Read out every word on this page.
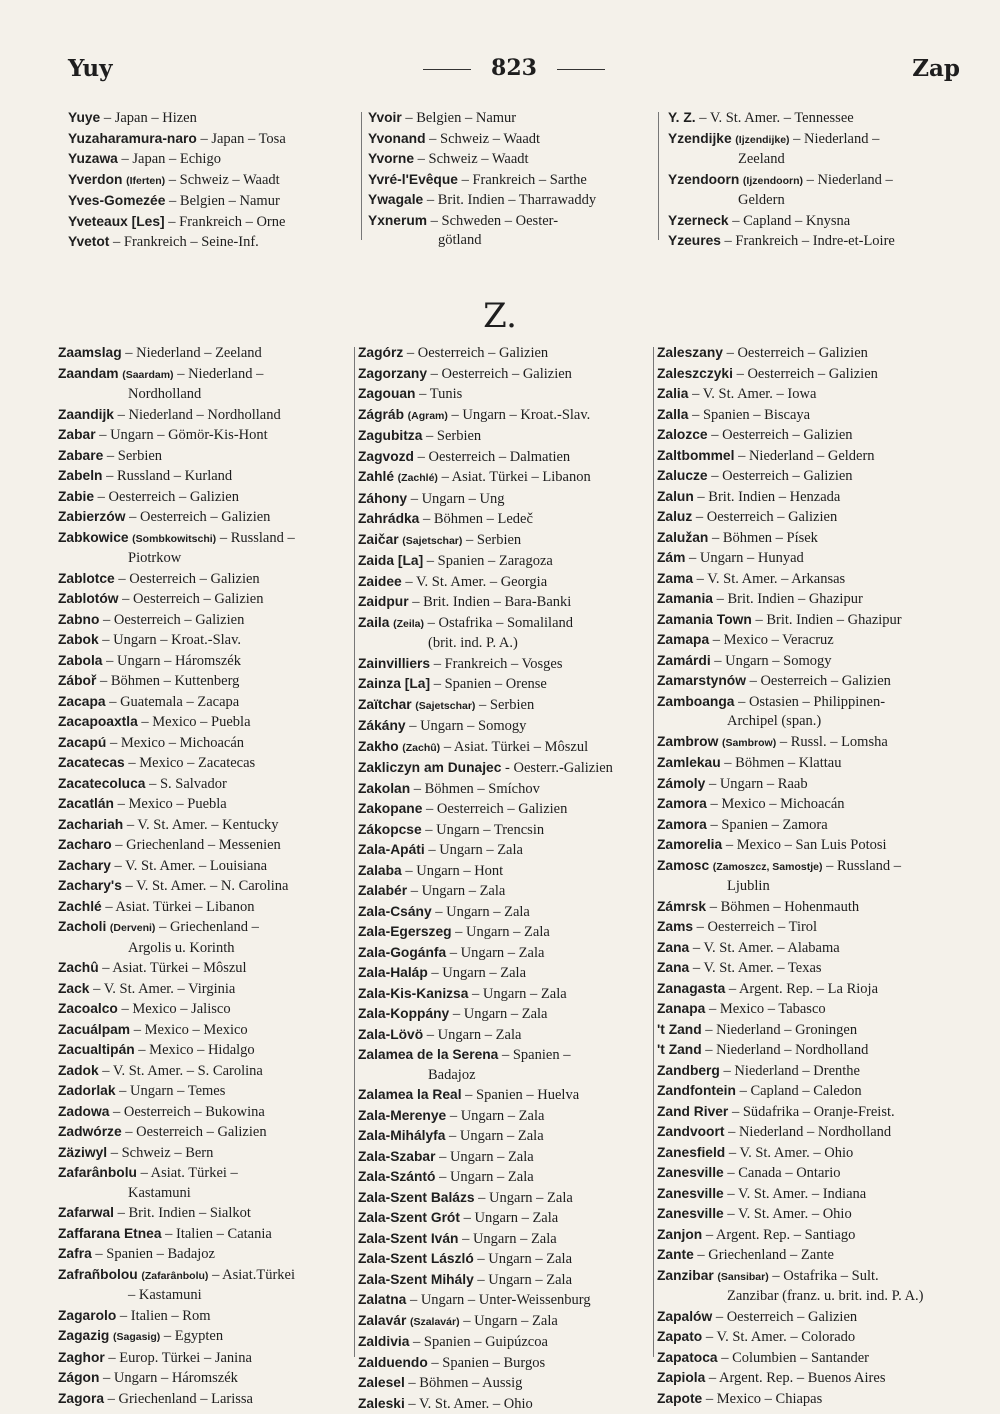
Yuy	823	Zap
Yuye – Japan – Hizen
Yuzaharamura-naro – Japan – Tosa
Yuzawa – Japan – Echigo
Yverdon (Iferten) – Schweiz – Waadt
Yves-Gomezée – Belgien – Namur
Yveteaux [Les] – Frankreich – Orne
Yvetot – Frankreich – Seine-Inf.
Yvoir – Belgien – Namur
Yvonand – Schweiz – Waadt
Yvorne – Schweiz – Waadt
Yvré-l'Evêque – Frankreich – Sarthe
Ywagale – Brit. Indien – Tharrawaddy
Yxnerum – Schweden – Oester-
götland
Y. Z. – V. St. Amer. – Tennessee
Yzendijke (Ijzendijke) – Niederland –
Zeeland
Yzendoorn (Ijzendoorn) – Niederland –
Geldern
Yzerneck – Capland – Knysna
Yzeures – Frankreich – Indre-et-Loire
Z.
Zaamslag – Niederland – Zeeland
Zaandam (Saardam) – Niederland –
Nordholland
Zaandijk – Niederland – Nordholland
Zabar – Ungarn – Gömör-Kis-Hont
Zabare – Serbien
Zabeln – Russland – Kurland
Zabie – Oesterreich – Galizien
Zabierzów – Oesterreich – Galizien
Zabkowice (Sombkowitschi) – Russland –
Piotrkow
Zablotce – Oesterreich – Galizien
Zablotów – Oesterreich – Galizien
Zabno – Oesterreich – Galizien
Zabok – Ungarn – Kroat.-Slav.
Zabola – Ungarn – Háromszék
Záboř – Böhmen – Kuttenberg
Zacapa – Guatemala – Zacapa
Zacapoaxtla – Mexico – Puebla
Zacapú – Mexico – Michoacán
Zacatecas – Mexico – Zacatecas
Zacatecoluca – S. Salvador
Zacatlán – Mexico – Puebla
Zachariah – V. St. Amer. – Kentucky
Zacharo – Griechenland – Messenien
Zachary – V. St. Amer. – Louisiana
Zachary's – V. St. Amer. – N. Carolina
Zachlé – Asiat. Türkei – Libanon
Zacholi (Derveni) – Griechenland –
Argolis u. Korinth
Zachû – Asiat. Türkei – Môszul
Zack – V. St. Amer. – Virginia
Zacoalco – Mexico – Jalisco
Zacuálpam – Mexico – Mexico
Zacualtipán – Mexico – Hidalgo
Zadok – V. St. Amer. – S. Carolina
Zadorlak – Ungarn – Temes
Zadowa – Oesterreich – Bukowina
Zadwórze – Oesterreich – Galizien
Zäziwyl – Schweiz – Bern
Zafarânbolu – Asiat. Türkei –
Kastamuni
Zafarwal – Brit. Indien – Sialkot
Zaffarana Etnea – Italien – Catania
Zafra – Spanien – Badajoz
Zafrañbolou (Zafarânbolu) – Asiat.Türkei
– Kastamuni
Zagarolo – Italien – Rom
Zagazig (Sagasig) – Egypten
Zaghor – Europ. Türkei – Janina
Zágon – Ungarn – Háromszék
Zagora – Griechenland – Larissa
Zagórz – Oesterreich – Galizien
Zagorzany – Oesterreich – Galizien
Zagouan – Tunis
Zágráb (Agram) – Ungarn – Kroat.-Slav.
Zagubitza – Serbien
Zagvozd – Oesterreich – Dalmatien
Zahlé (Zachlé) – Asiat. Türkei – Libanon
Záhony – Ungarn – Ung
Zahrádka – Böhmen – Ledeč
Zaičar (Sajetschar) – Serbien
Zaida [La] – Spanien – Zaragoza
Zaidee – V. St. Amer. – Georgia
Zaidpur – Brit. Indien – Bara-Banki
Zaila (Zeila) – Ostafrika – Somaliland
(brit. ind. P. A.)
Zainvilliers – Frankreich – Vosges
Zainza [La] – Spanien – Orense
Zaïtchar (Sajetschar) – Serbien
Zákány – Ungarn – Somogy
Zakho (Zachû) – Asiat. Türkei – Môszul
Zakliczyn am Dunajec - Oesterr.-Galizien
Zakolan – Böhmen – Smíchov
Zakopane – Oesterreich – Galizien
Zákopcse – Ungarn – Trencsin
Zala-Apáti – Ungarn – Zala
Zalaba – Ungarn – Hont
Zalabér – Ungarn – Zala
Zala-Csány – Ungarn – Zala
Zala-Egerszeg – Ungarn – Zala
Zala-Gogánfa – Ungarn – Zala
Zala-Haláp – Ungarn – Zala
Zala-Kis-Kanizsa – Ungarn – Zala
Zala-Koppány – Ungarn – Zala
Zala-Lövö – Ungarn – Zala
Zalamea de la Serena – Spanien –
Badajoz
Zalamea la Real – Spanien – Huelva
Zala-Merenye – Ungarn – Zala
Zala-Mihályfa – Ungarn – Zala
Zala-Szabar – Ungarn – Zala
Zala-Szántó – Ungarn – Zala
Zala-Szent Balázs – Ungarn – Zala
Zala-Szent Grót – Ungarn – Zala
Zala-Szent Iván – Ungarn – Zala
Zala-Szent László – Ungarn – Zala
Zala-Szent Mihály – Ungarn – Zala
Zalatna – Ungarn – Unter-Weissenburg
Zalavár (Szalavár) – Ungarn – Zala
Zaldivia – Spanien – Guipúzcoa
Zalduendo – Spanien – Burgos
Zalesel – Böhmen – Aussig
Zaleski – V. St. Amer. – Ohio
Zaleszany – Oesterreich – Galizien
Zaleszczyki – Oesterreich – Galizien
Zalia – V. St. Amer. – Iowa
Zalla – Spanien – Biscaya
Zalozce – Oesterreich – Galizien
Zaltbommel – Niederland – Geldern
Zalucze – Oesterreich – Galizien
Zalun – Brit. Indien – Henzada
Zaluz – Oesterreich – Galizien
Zalužan – Böhmen – Písek
Zám – Ungarn – Hunyad
Zama – V. St. Amer. – Arkansas
Zamania – Brit. Indien – Ghazipur
Zamania Town – Brit. Indien – Ghazipur
Zamapa – Mexico – Veracruz
Zamárdi – Ungarn – Somogy
Zamarstynów – Oesterreich – Galizien
Zamboanga – Ostasien – Philippinen-
Archipel (span.)
Zambrow (Sambrow) – Russl. – Lomsha
Zamlekau – Böhmen – Klattau
Zámoly – Ungarn – Raab
Zamora – Mexico – Michoacán
Zamora – Spanien – Zamora
Zamorelia – Mexico – San Luis Potosi
Zamosc (Zamoszcz, Samostje) – Russland –
Ljublin
Zámrsk – Böhmen – Hohenmauth
Zams – Oesterreich – Tirol
Zana – V. St. Amer. – Alabama
Zana – V. St. Amer. – Texas
Zanagasta – Argent. Rep. – La Rioja
Zanapa – Mexico – Tabasco
't Zand – Niederland – Groningen
't Zand – Niederland – Nordholland
Zandberg – Niederland – Drenthe
Zandfontein – Capland – Caledon
Zand River – Südafrika – Oranje-Freist.
Zandvoort – Niederland – Nordholland
Zanesfield – V. St. Amer. – Ohio
Zanesville – Canada – Ontario
Zanesville – V. St. Amer. – Indiana
Zanesville – V. St. Amer. – Ohio
Zanjon – Argent. Rep. – Santiago
Zante – Griechenland – Zante
Zanzibar (Sansibar) – Ostafrika – Sult.
Zanzibar (franz. u. brit. ind. P. A.)
Zapalów – Oesterreich – Galizien
Zapato – V. St. Amer. – Colorado
Zapatoca – Columbien – Santander
Zapiola – Argent. Rep. – Buenos Aires
Zapote – Mexico – Chiapas
